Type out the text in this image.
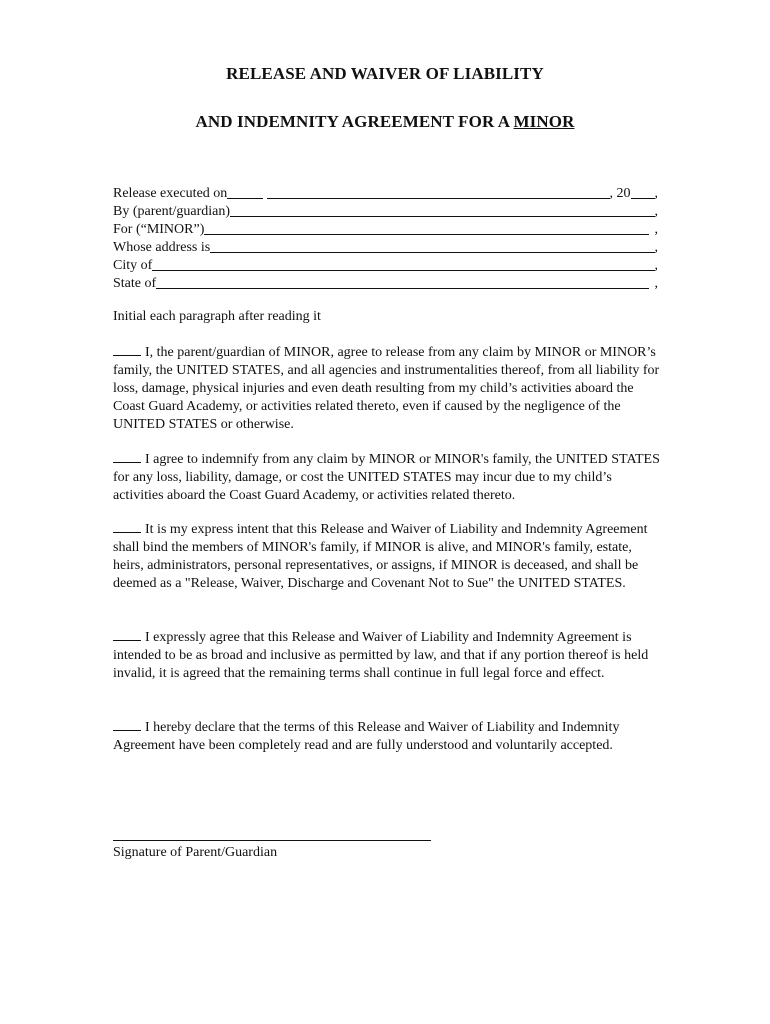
RELEASE AND WAIVER OF LIABILITY
AND INDEMNITY AGREEMENT FOR A MINOR
Release executed on	, 20 ,
By (parent/guardian)	,
For (“MINOR”)	,
Whose address is	,
City of	,
State of	,
Initial each paragraph after reading it
I, the parent/guardian of MINOR, agree to release from any claim by MINOR or MINOR’s family, the UNITED STATES, and all agencies and instrumentalities thereof, from all liability for loss, damage, physical injuries and even death resulting from my child’s activities aboard the Coast Guard Academy, or activities related thereto, even if caused by the negligence of the UNITED STATES or otherwise.
I agree to indemnify from any claim by MINOR or MINOR's family, the UNITED STATES for any loss, liability, damage, or cost the UNITED STATES may incur due to my child’s activities aboard the Coast Guard Academy, or activities related thereto.
It is my express intent that this Release and Waiver of Liability and Indemnity Agreement shall bind the members of MINOR's family, if MINOR is alive, and MINOR's family, estate, heirs, administrators, personal representatives, or assigns, if MINOR is deceased, and shall be deemed as a "Release, Waiver, Discharge and Covenant Not to Sue" the UNITED STATES.
I expressly agree that this Release and Waiver of Liability and Indemnity Agreement is intended to be as broad and inclusive as permitted by law, and that if any portion thereof is held invalid, it is agreed that the remaining terms shall continue in full legal force and effect.
I hereby declare that the terms of this Release and Waiver of Liability and Indemnity Agreement have been completely read and are fully understood and voluntarily accepted.
Signature of Parent/Guardian
